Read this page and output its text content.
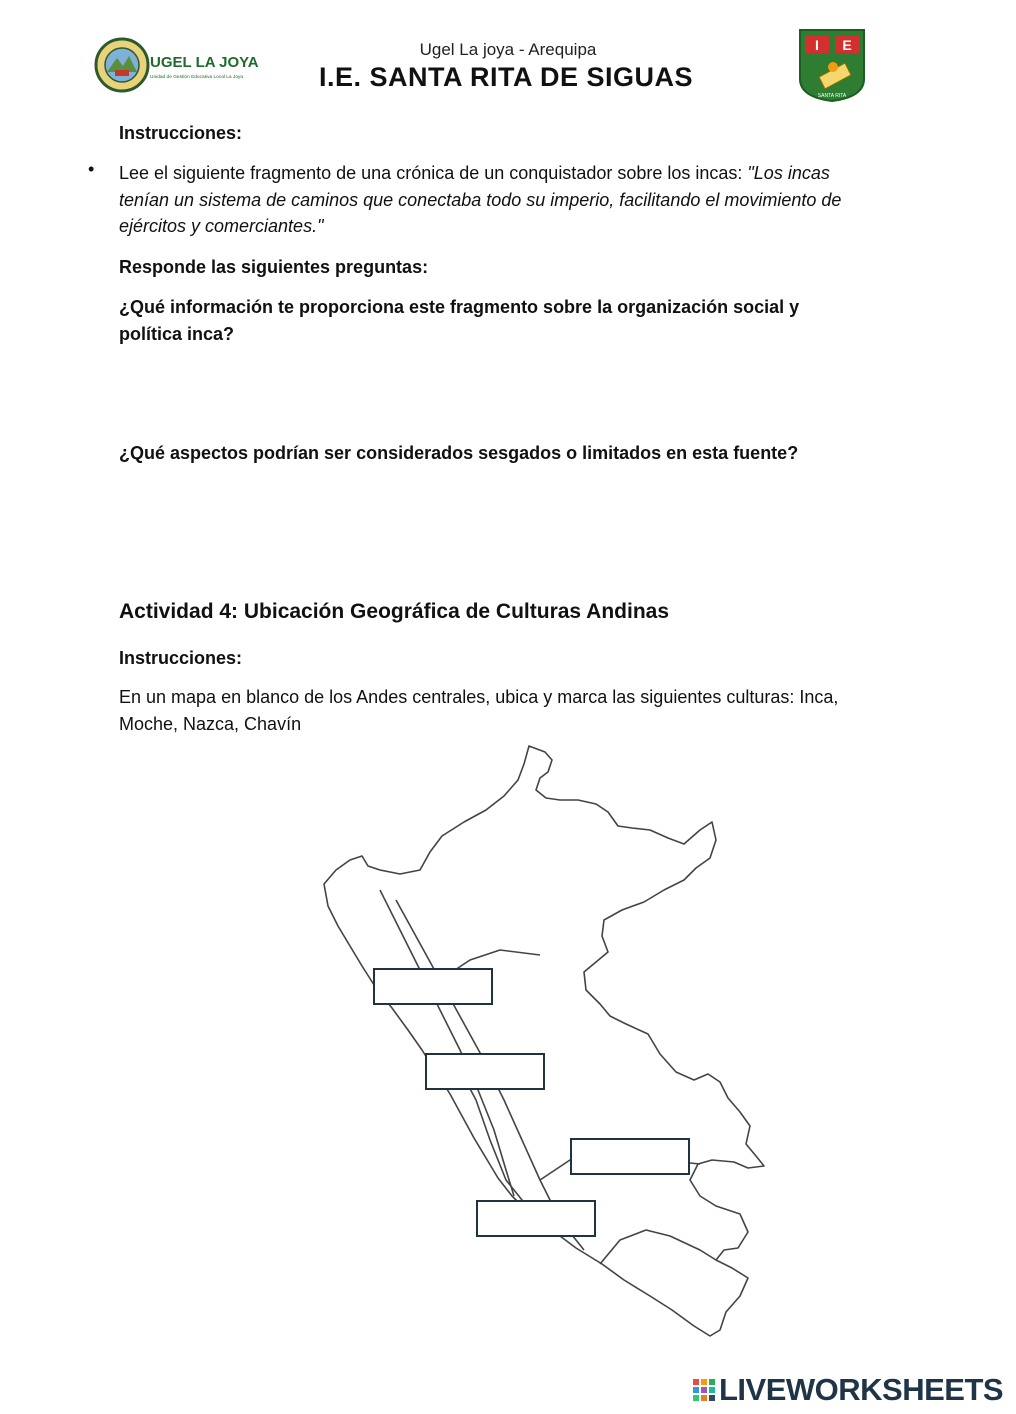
UGEL LA JOYA
Unidad de Gestión Educativa Local La Joya
Ugel La joya - Arequipa
I.E. SANTA RITA DE SIGUAS
I E
SANTA RITA
Instrucciones:
• Lee el siguiente fragmento de una crónica de un conquistador sobre los incas: "Los incas tenían un sistema de caminos que conectaba todo su imperio, facilitando el movimiento de ejércitos y comerciantes."
Responde las siguientes preguntas:
¿Qué información te proporciona este fragmento sobre la organización social y política inca?
¿Qué aspectos podrían ser considerados sesgados o limitados en esta fuente?
Actividad 4: Ubicación Geográfica de Culturas Andinas
Instrucciones:
En un mapa en blanco de los Andes centrales, ubica y marca las siguientes culturas: Inca, Moche, Nazca, Chavín
LIVEWORKSHEETS
